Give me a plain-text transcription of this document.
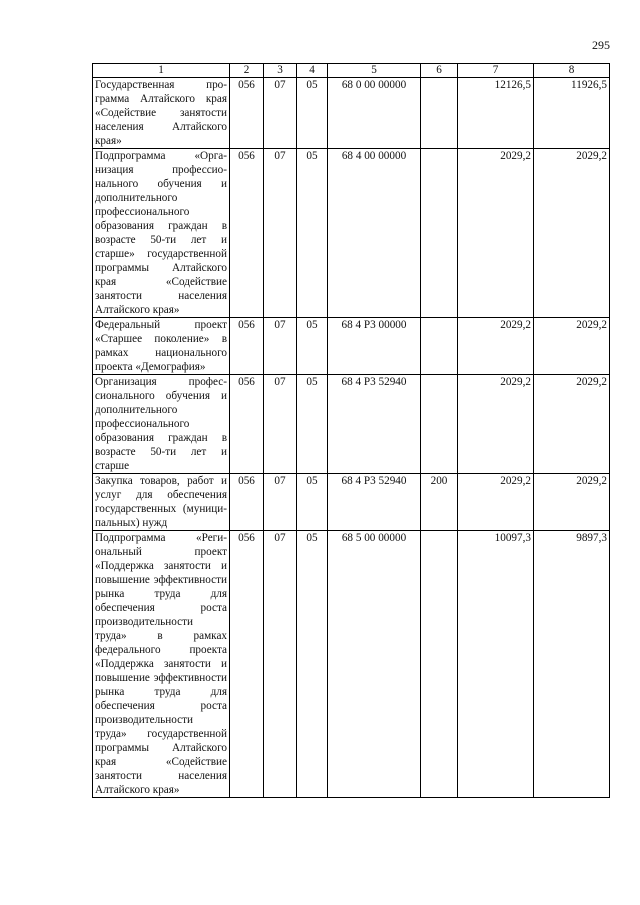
295
1	2	3	4	5	6	7	8
Государственная программа Алтайского края «Содействие занятости населения Алтайского края»	056	07	05	68 0 00 00000		12126,5	11926,5
Подпрограмма «Организация профессионального обучения и дополнительного профессионального образования граждан в возрасте 50-ти лет и старше» государственной программы Алтайского края «Содействие занятости населения Алтайского края»	056	07	05	68 4 00 00000		2029,2	2029,2
Федеральный проект «Старшее поколение» в рамках национального проекта «Демография»	056	07	05	68 4 Р3 00000		2029,2	2029,2
Организация профессионального обучения и дополнительного профессионального образования граждан в возрасте 50-ти лет и старше	056	07	05	68 4 Р3 52940		2029,2	2029,2
Закупка товаров, работ и услуг для обеспечения государственных (муниципальных) нужд	056	07	05	68 4 Р3 52940	200	2029,2	2029,2
Подпрограмма «Региональный проект «Поддержка занятости и повышение эффективности рынка труда для обеспечения роста производительности труда» в рамках федерального проекта «Поддержка занятости и повышение эффективности рынка труда для обеспечения роста производительности труда» государственной программы Алтайского края «Содействие занятости населения Алтайского края»	056	07	05	68 5 00 00000		10097,3	9897,3
